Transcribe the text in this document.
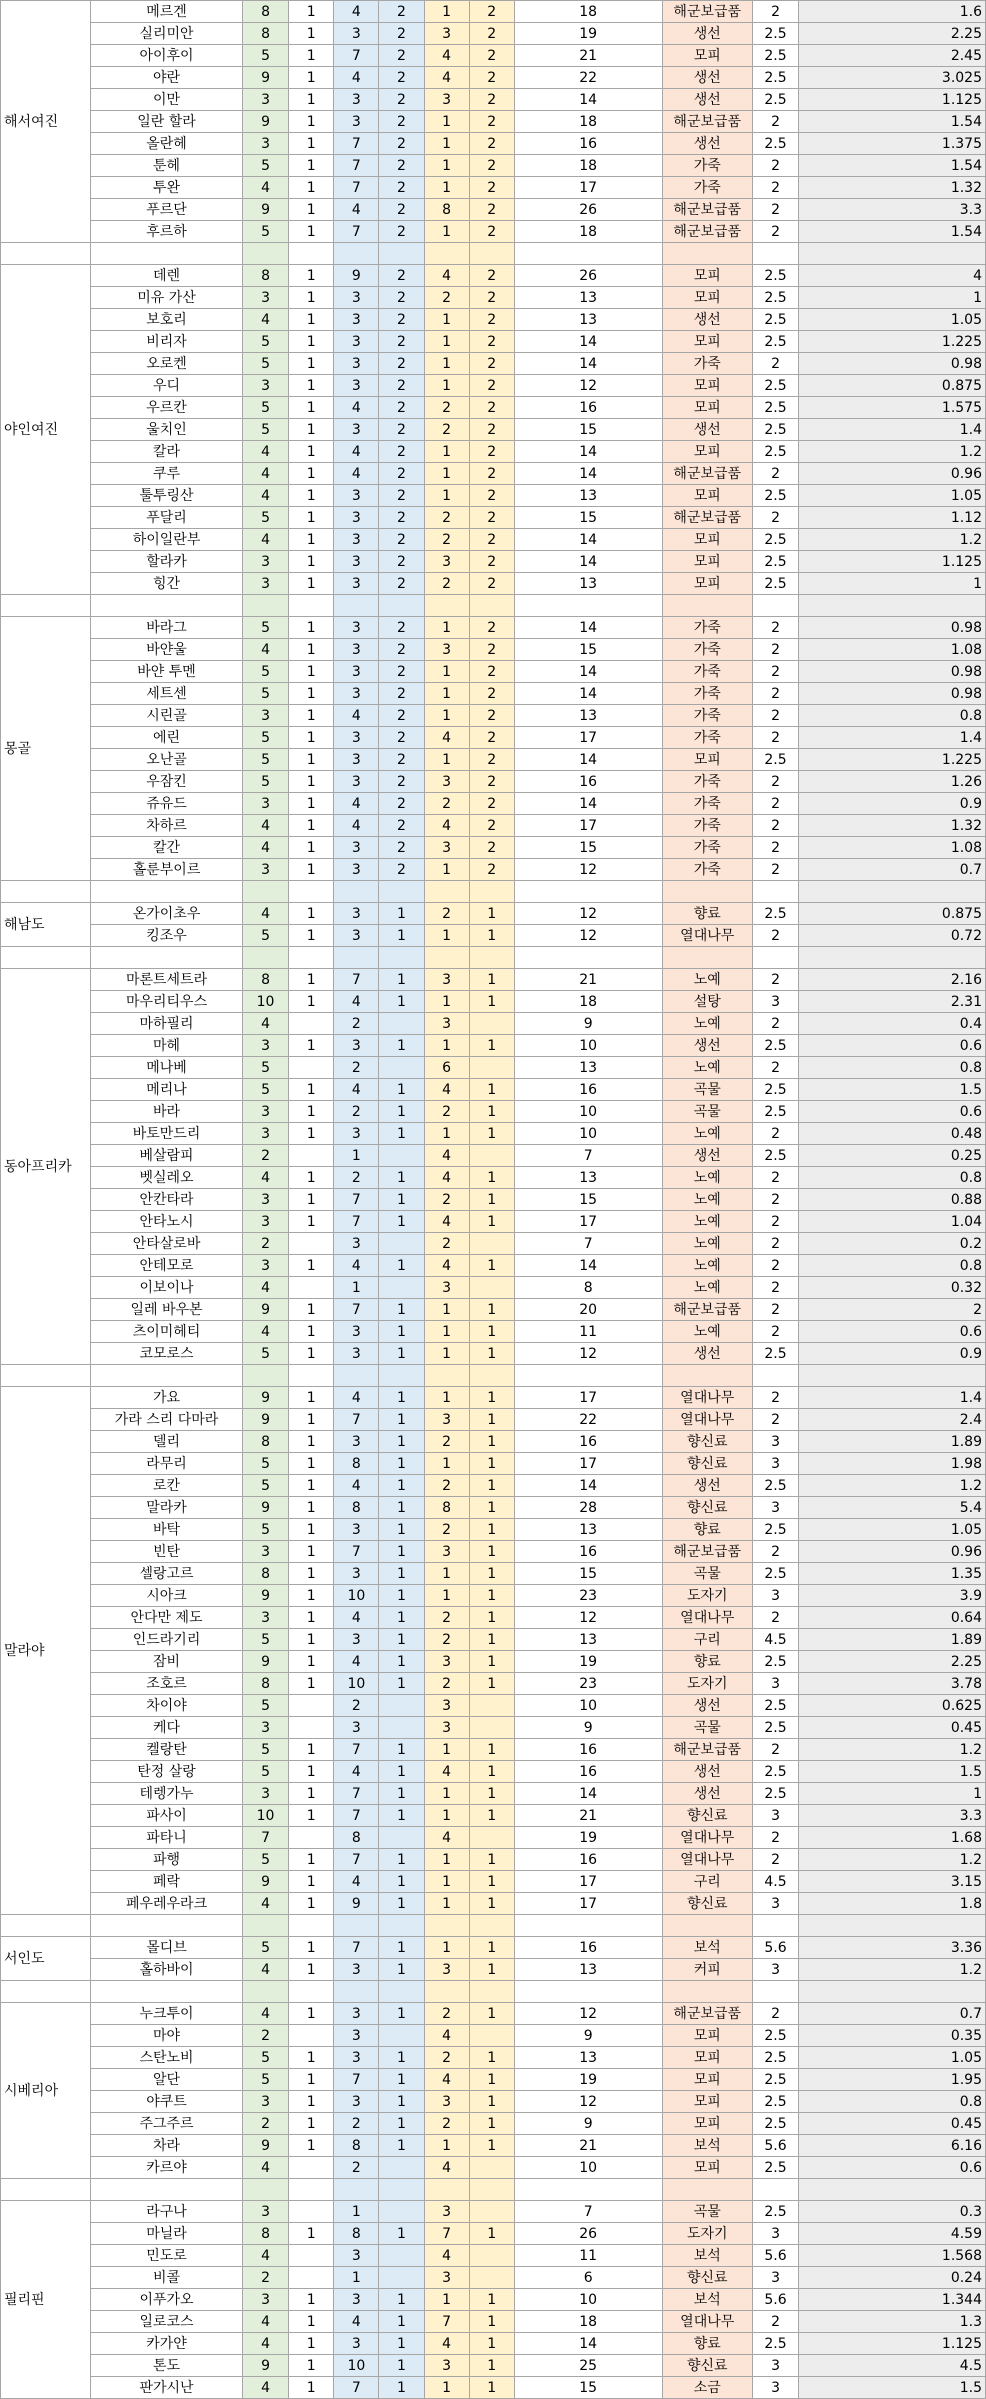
해서여진	메르겐	8	1	4	2	1	2	18	해군보급품	2	1.6
	실리미안	8	1	3	2	3	2	19	생선	2.5	2.25
	아이후이	5	1	7	2	4	2	21	모피	2.5	2.45
	야란	9	1	4	2	4	2	22	생선	2.5	3.025
	이만	3	1	3	2	3	2	14	생선	2.5	1.125
	일란 할라	9	1	3	2	1	2	18	해군보급품	2	1.54
	올란헤	3	1	7	2	1	2	16	생선	2.5	1.375
	툰헤	5	1	7	2	1	2	18	가죽	2	1.54
	투완	4	1	7	2	1	2	17	가죽	2	1.32
	푸르단	9	1	4	2	8	2	26	해군보급품	2	3.3
	후르하	5	1	7	2	1	2	18	해군보급품	2	1.54

야인여진	데렌	8	1	9	2	4	2	26	모피	2.5	4
	미유 가산	3	1	3	2	2	2	13	모피	2.5	1
	보호리	4	1	3	2	1	2	13	생선	2.5	1.05
	비리자	5	1	3	2	1	2	14	모피	2.5	1.225
	오로켄	5	1	3	2	1	2	14	가죽	2	0.98
	우디	3	1	3	2	1	2	12	모피	2.5	0.875
	우르칸	5	1	4	2	2	2	16	모피	2.5	1.575
	울치인	5	1	3	2	2	2	15	생선	2.5	1.4
	칼라	4	1	4	2	1	2	14	모피	2.5	1.2
	쿠루	4	1	4	2	1	2	14	해군보급품	2	0.96
	툴투링산	4	1	3	2	1	2	13	모피	2.5	1.05
	푸달리	5	1	3	2	2	2	15	해군보급품	2	1.12
	하이일란부	4	1	3	2	2	2	14	모피	2.5	1.2
	할라카	3	1	3	2	3	2	14	모피	2.5	1.125
	힝간	3	1	3	2	2	2	13	모피	2.5	1

몽골	바라그	5	1	3	2	1	2	14	가죽	2	0.98
	바얀울	4	1	3	2	3	2	15	가죽	2	1.08
	바얀 투멘	5	1	3	2	1	2	14	가죽	2	0.98
	세트센	5	1	3	2	1	2	14	가죽	2	0.98
	시린골	3	1	4	2	1	2	13	가죽	2	0.8
	에린	5	1	3	2	4	2	17	가죽	2	1.4
	오난골	5	1	3	2	1	2	14	모피	2.5	1.225
	우잠킨	5	1	3	2	3	2	16	가죽	2	1.26
	쥬유드	3	1	4	2	2	2	14	가죽	2	0.9
	차하르	4	1	4	2	4	2	17	가죽	2	1.32
	칼간	4	1	3	2	3	2	15	가죽	2	1.08
	홀룬부이르	3	1	3	2	1	2	12	가죽	2	0.7

해남도	온가이초우	4	1	3	1	2	1	12	향료	2.5	0.875
	킹조우	5	1	3	1	1	1	12	열대나무	2	0.72

동아프리카	마론트세트라	8	1	7	1	3	1	21	노예	2	2.16
	마우리티우스	10	1	4	1	1	1	18	설탕	3	2.31
	마하필리	4		2		3		9	노예	2	0.4
	마헤	3	1	3	1	1	1	10	생선	2.5	0.6
	메나베	5		2		6		13	노예	2	0.8
	메리나	5	1	4	1	4	1	16	곡물	2.5	1.5
	바라	3	1	2	1	2	1	10	곡물	2.5	0.6
	바토만드리	3	1	3	1	1	1	10	노예	2	0.48
	베살람피	2		1		4		7	생선	2.5	0.25
	벳실레오	4	1	2	1	4	1	13	노예	2	0.8
	안칸타라	3	1	7	1	2	1	15	노예	2	0.88
	안타노시	3	1	7	1	4	1	17	노예	2	1.04
	안타살로바	2		3		2		7	노예	2	0.2
	안테모로	3	1	4	1	4	1	14	노예	2	0.8
	이보이나	4		1		3		8	노예	2	0.32
	일레 바우본	9	1	7	1	1	1	20	해군보급품	2	2
	츠이미헤티	4	1	3	1	1	1	11	노예	2	0.6
	코모로스	5	1	3	1	1	1	12	생선	2.5	0.9

말라야	가요	9	1	4	1	1	1	17	열대나무	2	1.4
	가라 스리 다마라	9	1	7	1	3	1	22	열대나무	2	2.4
	델리	8	1	3	1	2	1	16	향신료	3	1.89
	라무리	5	1	8	1	1	1	17	향신료	3	1.98
	로칸	5	1	4	1	2	1	14	생선	2.5	1.2
	말라카	9	1	8	1	8	1	28	향신료	3	5.4
	바탁	5	1	3	1	2	1	13	향료	2.5	1.05
	빈탄	3	1	7	1	3	1	16	해군보급품	2	0.96
	셀랑고르	8	1	3	1	1	1	15	곡물	2.5	1.35
	시아크	9	1	10	1	1	1	23	도자기	3	3.9
	안다만 제도	3	1	4	1	2	1	12	열대나무	2	0.64
	인드라기리	5	1	3	1	2	1	13	구리	4.5	1.89
	잠비	9	1	4	1	3	1	19	향료	2.5	2.25
	조호르	8	1	10	1	2	1	23	도자기	3	3.78
	차이야	5		2		3		10	생선	2.5	0.625
	케다	3		3		3		9	곡물	2.5	0.45
	켈랑탄	5	1	7	1	1	1	16	해군보급품	2	1.2
	탄정 살랑	5	1	4	1	4	1	16	생선	2.5	1.5
	테렝가누	3	1	7	1	1	1	14	생선	2.5	1
	파사이	10	1	7	1	1	1	21	향신료	3	3.3
	파타니	7		8		4		19	열대나무	2	1.68
	파행	5	1	7	1	1	1	16	열대나무	2	1.2
	페락	9	1	4	1	1	1	17	구리	4.5	3.15
	페우레우라크	4	1	9	1	1	1	17	향신료	3	1.8

서인도	몰디브	5	1	7	1	1	1	16	보석	5.6	3.36
	홀하바이	4	1	3	1	3	1	13	커피	3	1.2

시베리아	누크투이	4	1	3	1	2	1	12	해군보급품	2	0.7
	마야	2		3		4		9	모피	2.5	0.35
	스탄노비	5	1	3	1	2	1	13	모피	2.5	1.05
	알단	5	1	7	1	4	1	19	모피	2.5	1.95
	야쿠트	3	1	3	1	3	1	12	모피	2.5	0.8
	주그주르	2	1	2	1	2	1	9	모피	2.5	0.45
	차라	9	1	8	1	1	1	21	보석	5.6	6.16
	카르야	4		2		4		10	모피	2.5	0.6

필리핀	라구나	3		1		3		7	곡물	2.5	0.3
	마닐라	8	1	8	1	7	1	26	도자기	3	4.59
	민도로	4		3		4		11	보석	5.6	1.568
	비콜	2		1		3		6	향신료	3	0.24
	이푸가오	3	1	3	1	1	1	10	보석	5.6	1.344
	일로코스	4	1	4	1	7	1	18	열대나무	2	1.3
	카가얀	4	1	3	1	4	1	14	향료	2.5	1.125
	톤도	9	1	10	1	3	1	25	향신료	3	4.5
	판가시난	4	1	7	1	1	1	15	소금	3	1.5
